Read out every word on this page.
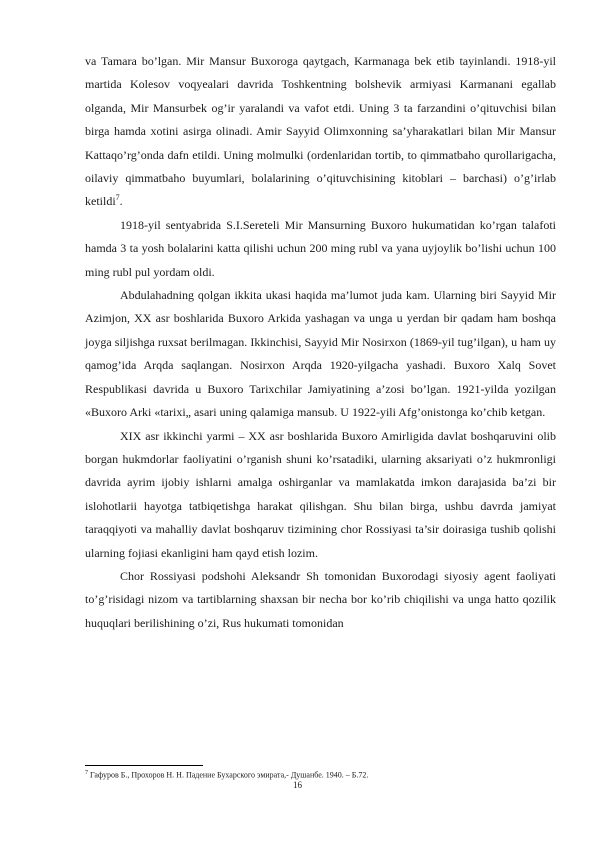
va Tamara bo’lgan. Mir Mansur Buxoroga qaytgach, Karmanaga bek etib tayinlandi. 1918-yil martida Kolesov voqyealari davrida Toshkentning bolshevik armiyasi Karmanani egallab olganda, Mir Mansurbek og’ir yaralandi va vafot etdi. Uning 3 ta farzandini o’qituvchisi bilan birga hamda xotini asirga olinadi. Amir Sayyid Olimxonning sa’yharakatlari bilan Mir Mansur Kattaqo’rg’onda dafn etildi. Uning molmulki (ordenlaridan tortib, to qimmatbaho qurollarigacha, oilaviy qimmatbaho buyumlari, bolalarining o’qituvchisining kitoblari – barchasi) o’g’irlab ketildi$^7$.

1918-yil sentyabrida S.I.Sereteli Mir Mansurning Buxoro hukumatidan ko’rgan talafoti hamda 3 ta yosh bolalarini katta qilishi uchun 200 ming rubl va yana uyjoylik bo’lishi uchun 100 ming rubl pul yordam oldi.

Abdulahadning qolgan ikkita ukasi haqida ma’lumot juda kam. Ularning biri Sayyid Mir Azimjon, XX asr boshlarida Buxoro Arkida yashagan va unga u yerdan bir qadam ham boshqa joyga siljishga ruxsat berilmagan. Ikkinchisi, Sayyid Mir Nosirxon (1869-yil tug’ilgan), u ham uy qamog’ida Arqda saqlangan. Nosirxon Arqda 1920-yilgacha yashadi. Buxoro Xalq Sovet Respublikasi davrida u Buxoro Tarixchilar Jamiyatining a’zosi bo’lgan. 1921-yilda yozilgan «Buxoro Arki «tarixi„ asari uning qalamiga mansub. U 1922-yili Afg’onistonga ko’chib ketgan.

XIX asr ikkinchi yarmi – XX asr boshlarida Buxoro Amirligida davlat boshqaruvini olib borgan hukmdorlar faoliyatini o’rganish shuni ko’rsatadiki, ularning aksariyati o’z hukmronligi davrida ayrim ijobiy ishlarni amalga oshirganlar va mamlakatda imkon darajasida ba’zi bir islohotlarii hayotga tatbiqetishga harakat qilishgan. Shu bilan birga, ushbu davrda jamiyat taraqqiyoti va mahalliy davlat boshqaruv tizimining chor Rossiyasi ta’sir doirasiga tushib qolishi ularning fojiasi ekanligini ham qayd etish lozim.

Chor Rossiyasi podshohi Aleksandr Sh tomonidan Buxorodagi siyosiy agent faoliyati to’g’risidagi nizom va tartiblarning shaxsan bir necha bor ko’rib chiqilishi va unga hatto qozilik huquqlari berilishining o’zi, Rus hukumati tomonidan

$^7$ Гафуров Б., Прохоров Н. Н. Падение Бухарского эмирата,- Душанбе. 1940. – Б.72.
16
